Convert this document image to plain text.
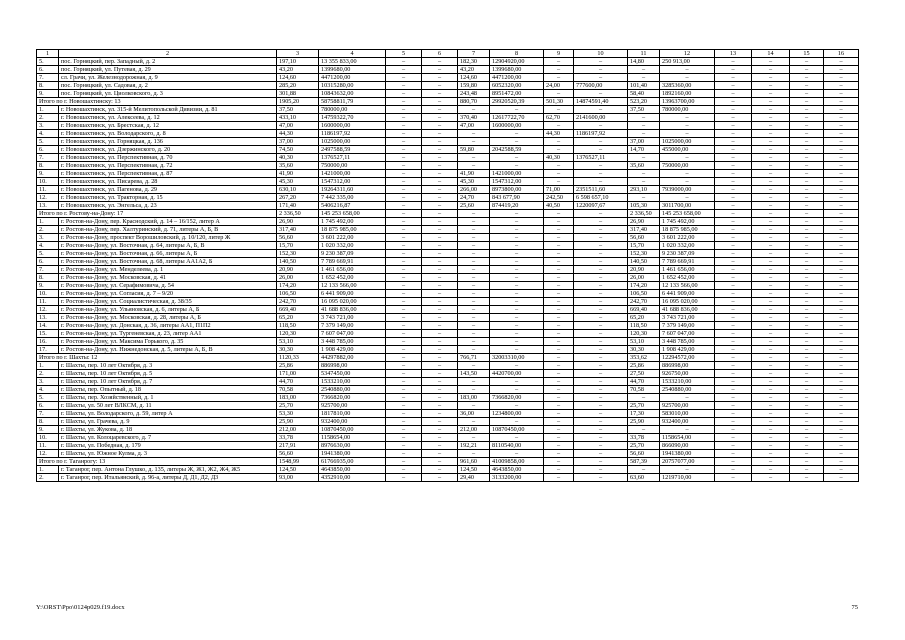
1	2	3	4	5	6	7	8	9	10	11	12	13	14	15	16
5.	пос. Горняцкий, пер. Западный, д. 2	197,10	13 355 833,00	–	–	182,30	12904920,00	–	–	14,80	250 913,00	–	–	–	–
6.	пос. Горняцкий, ул. Путевая, д. 29	43,20	1399680,00	–	–	43,20	1399680,00	–	–	–	–	–	–	–	–
7.	сл. Грачи, ул. Железнодорожная, д. 9	124,60	4471200,00	–	–	124,60	4471200,00	–	–	–	–	–	–	–	–
8.	пос. Горняцкий, ул. Садовая, д. 2	285,20	10315280,00	–	–	159,80	6052320,00	24,00	777600,00	101,40	3285360,00	–	–	–	–
9.	пос. Горняцкий, ул. Циолковского, д. 3	301,88	10843632,00	–	–	243,48	8951472,00	–	–	58,40	1892160,00	–	–	–	–
Итого по г. Новошахтинску: 13		1905,20	58758811,79	–	–	880,70	29920520,39	501,30	14874591,40	523,20	13963700,00	–	–	–	–
1.	г. Новошахтинск, ул. 315-й Мелитопольской Дивизии, д. 81	37,50	780000,00	–	–	–	–	–	–	37,50	780000,00	–	–	–	–
2.	г. Новошахтинск, ул. Алексеева, д. 12	433,10	14759322,70	–	–	370,40	12617722,70	62,70	2141600,00	–	–	–	–	–	–
3.	г. Новошахтинск, ул. Брестская, д. 12	47,00	1600000,00	–	–	47,00	1600000,00	–	–	–	–	–	–	–	–
4.	г. Новошахтинск, ул. Володарского, д. 8	44,30	1186197,92	–	–	–	–	44,30	1186197,92	–	–	–	–	–	–
5.	г. Новошахтинск, ул. Горняцкая, д. 136	37,00	1025000,00	–	–	–	–	–	–	37,00	1025000,00	–	–	–	–
6.	г. Новошахтинск, ул. Дзержинского, д. 20	74,50	2497588,59	–	–	59,80	2042588,59	–	–	14,70	455000,00	–	–	–	–
7.	г. Новошахтинск, ул. Перспективная, д. 70	40,30	1376527,11	–	–	–	–	40,30	1376527,11	–	–	–	–	–	–
8.	г. Новошахтинск, ул. Перспективная, д. 72	35,60	750000,00	–	–	–	–	–	–	35,60	750000,00	–	–	–	–
9.	г. Новошахтинск, ул. Перспективная, д. 87	41,90	1421000,00	–	–	41,90	1421000,00	–	–	–	–	–	–	–	–
10.	г. Новошахтинск, ул. Писарева, д. 28	45,30	1547312,00	–	–	45,30	1547312,00	–	–	–	–	–	–	–	–
11.	г. Новошахтинск, ул. Пагенова, д. 29	630,10	19264311,60	–	–	266,00	8973800,00	71,00	2351511,60	293,10	7939000,00	–	–	–	–
12.	г. Новошахтинск, ул. Тракторная, д. 15	267,20	7 442 335,00	–	–	24,70	843 677,90	242,50	6 598 657,10	–	–	–	–	–	–
13.	г. Новошахтинск, ул. Энгельса, д. 23	171,40	5406216,87	–	–	25,60	874419,20	40,50	1220097,67	105,30	3011700,00	–	–	–	–
Итого по г. Ростову-на-Дону: 17		2 336,50	145 253 658,00	–	–	–	–	–	–	2 336,50	145 253 658,00	–	–	–	–
1.	г. Ростов-на-Дону, пер. Краснодский, д. 14 – 16/152, литер А	26,90	1 745 492,00	–	–	–	–	–	–	26,90	1 745 492,00	–	–	–	–
2.	г. Ростов-на-Дону, пер. Халтуринский, д. 71, литеры А, Б, В	317,40	18 875 985,00	–	–	–	–	–	–	317,40	18 875 985,00	–	–	–	–
3.	г. Ростов-на-Дону, проспект Ворошиловский, д. 10/120, литер Ж	56,60	3 601 222,00	–	–	–	–	–	–	56,60	3 601 222,00	–	–	–	–
4.	г. Ростов-на-Дону, ул. Восточная, д. 64, литеры А, Б, В	15,70	1 020 332,00	–	–	–	–	–	–	15,70	1 020 332,00	–	–	–	–
5.	г. Ростов-на-Дону, ул. Восточная, д. 66, литеры А, Б	152,30	9 230 387,09	–	–	–	–	–	–	152,30	9 230 387,09	–	–	–	–
6.	г. Ростов-на-Дону, ул. Восточная, д. 68, литеры АА1А2, Б	140,50	7 789 669,91	–	–	–	–	–	–	140,50	7 789 669,91	–	–	–	–
7.	г. Ростов-на-Дону, ул. Менделеева, д. 1	20,90	1 461 656,00	–	–	–	–	–	–	20,90	1 461 656,00	–	–	–	–
8.	г. Ростов-на-Дону, ул. Московская, д. 41	26,00	1 652 452,00	–	–	–	–	–	–	26,00	1 652 452,00	–	–	–	–
9.	г. Ростов-на-Дону, ул. Серафимовича, д. 54	174,20	12 133 566,00	–	–	–	–	–	–	174,20	12 133 566,00	–	–	–	–
10.	г. Ростов-на-Дону, ул. Согласия, д. 7 – 9/20	106,50	6 441 909,00	–	–	–	–	–	–	106,50	6 441 909,00	–	–	–	–
11.	г. Ростов-на-Дону, ул. Социалистическая, д. 38/35	242,70	16 095 020,00	–	–	–	–	–	–	242,70	16 095 020,00	–	–	–	–
12.	г. Ростов-на-Дону, ул. Ульяновская, д. 6, литеры А, Б	669,40	41 688 836,00	–	–	–	–	–	–	669,40	41 688 836,00	–	–	–	–
13.	г. Ростов-на-Дону, ул. Московская, д. 28, литеры А, Б	65,20	3 743 721,00	–	–	–	–	–	–	65,20	3 743 721,00	–	–	–	–
14.	г. Ростов-на-Дону, ул. Донская, д. 36, литеры АА1, П1П2	118,50	7 379 149,00	–	–	–	–	–	–	118,50	7 379 149,00	–	–	–	–
15.	г. Ростов-на-Дону, ул. Тургеневская, д. 23, литер АА1	120,30	7 607 047,00	–	–	–	–	–	–	120,30	7 607 047,00	–	–	–	–
16.	г. Ростов-на-Дону, ул. Максима Горького, д. 35	53,10	3 448 785,00	–	–	–	–	–	–	53,10	3 448 785,00	–	–	–	–
17.	г. Ростов-на-Дону, ул. Нижнедонская, д. 5, литеры А, Б, В	30,30	1 908 429,00	–	–	–	–	–	–	30,30	1 908 429,00	–	–	–	–
Итого по г. Шахты: 12		1120,33	44297882,00	–	–	766,71	32003310,00	–	–	353,62	12294572,00	–	–	–	–
1.	г. Шахты, пер. 10 лет Октября, д. 3	25,86	886998,00	–	–	–	–	–	–	25,86	886998,00	–	–	–	–
2.	г. Шахты, пер. 10 лет Октября, д. 5	171,00	5347450,00	–	–	143,50	4420700,00	–	–	27,50	926750,00	–	–	–	–
3.	г. Шахты, пер. 10 лет Октября, д. 7	44,70	1533210,00	–	–	–	–	–	–	44,70	1533210,00	–	–	–	–
4.	г. Шахты, пер. Опытный, д. 18	70,58	2540880,00	–	–	–	–	–	–	70,58	2540880,00	–	–	–	–
5.	г. Шахты, пер. Хозяйственный, д. 1	183,00	7366820,00	–	–	183,00	7366820,00	–	–	–	–	–	–	–	–
6.	г. Шахты, ул. 50 лет ВЛКСМ, д. 11	25,70	925700,00	–	–	–	–	–	–	25,70	925700,00	–	–	–	–
7.	г. Шахты, ул. Володарского, д. 59, литер А	53,30	1817810,00	–	–	36,00	1234800,00	–	–	17,30	583010,00	–	–	–	–
8.	г. Шахты, ул. Грачева, д. 9	25,90	932400,00	–	–	–	–	–	–	25,90	932400,00	–	–	–	–
9.	г. Шахты, ул. Жукова, д. 18	212,00	10870450,00	–	–	212,00	10870450,00	–	–	–	–	–	–	–	–
10.	г. Шахты, ул. Колоцаревского, д. 7	33,78	1158654,00	–	–	–	–	–	–	33,78	1158654,00	–	–	–	–
11.	г. Шахты, ул. Победная, д. 179	217,91	8976630,00	–	–	192,21	8110540,00	–	–	25,70	866090,00	–	–	–	–
12.	г. Шахты, ул. Южное Кулма, д. 3	56,60	1941380,00	–	–	–	–	–	–	56,60	1941380,00	–	–	–	–
Итого по г. Таганрогу: 13		1548,99	61766935,00	–	–	961,60	41009858,00	–	–	587,39	20757077,00	–	–	–	–
1.	г. Таганрог, пер. Антона Глушко, д. 135, литеры Ж, Ж1, Ж2, Ж4, Ж5	124,50	4643850,00	–	–	124,50	4643850,00	–	–	–	–	–	–	–	–
2.	г. Таганрог, пер. Итальянский, д. 96-а, литеры Д, Д1, Д2, Д3	93,00	4352910,00	–	–	29,40	3133200,00	–	–	63,60	1219710,00	–	–	–	–
Y:\ORST\Ppo\0124p029.f19.docx	75
